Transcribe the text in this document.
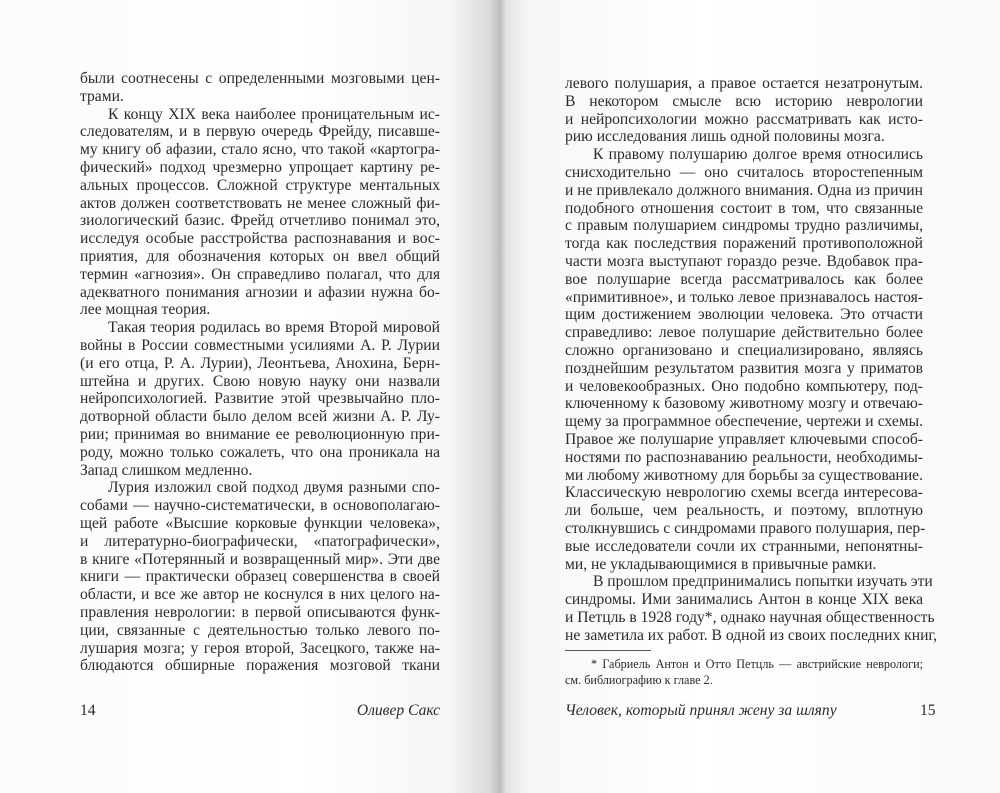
были соотнесены с определенными мозговыми цен-
трами.
К концу XIX века наиболее проницательным ис-
следователям, и в первую очередь Фрейду, писавше-
му книгу об афазии, стало ясно, что такой «картогра-
фический» подход чрезмерно упрощает картину ре-
альных процессов. Сложной структуре ментальных
актов должен соответствовать не менее сложный фи-
зиологический базис. Фрейд отчетливо понимал это,
исследуя особые расстройства распознавания и вос-
приятия, для обозначения которых он ввел общий
термин «агнозия». Он справедливо полагал, что для
адекватного понимания агнозии и афазии нужна бо-
лее мощная теория.
Такая теория родилась во время Второй мировой
войны в России совместными усилиями А. Р. Лурии
(и его отца, Р. А. Лурии), Леонтьева, Анохина, Берн-
штейна и других. Свою новую науку они назвали
нейропсихологией. Развитие этой чрезвычайно пло-
дотворной области было делом всей жизни А. Р. Лу-
рии; принимая во внимание ее революционную при-
роду, можно только сожалеть, что она проникала на
Запад слишком медленно.
Лурия изложил свой подход двумя разными спо-
собами — научно-систематически, в основополагаю-
щей работе «Высшие корковые функции человека»,
и литературно-биографически, «патографически»,
в книге «Потерянный и возвращенный мир». Эти две
книги — практически образец совершенства в своей
области, и все же автор не коснулся в них целого на-
правления неврологии: в первой описываются функ-
ции, связанные с деятельностью только левого по-
лушария мозга; у героя второй, Засецкого, также на-
блюдаются обширные поражения мозговой ткани
14	Оливер Сакс
левого полушария, а правое остается незатронутым.
В некотором смысле всю историю неврологии
и нейропсихологии можно рассматривать как исто-
рию исследования лишь одной половины мозга.
К правому полушарию долгое время относились
снисходительно — оно считалось второстепенным
и не привлекало должного внимания. Одна из причин
подобного отношения состоит в том, что связанные
с правым полушарием синдромы трудно различимы,
тогда как последствия поражений противоположной
части мозга выступают гораздо резче. Вдобавок пра-
вое полушарие всегда рассматривалось как более
«примитивное», и только левое признавалось настоя-
щим достижением эволюции человека. Это отчасти
справедливо: левое полушарие действительно более
сложно организовано и специализировано, являясь
позднейшим результатом развития мозга у приматов
и человекообразных. Оно подобно компьютеру, под-
ключенному к базовому животному мозгу и отвечаю-
щему за программное обеспечение, чертежи и схемы.
Правое же полушарие управляет ключевыми способ-
ностями по распознаванию реальности, необходимы-
ми любому животному для борьбы за существование.
Классическую неврологию схемы всегда интересова-
ли больше, чем реальность, и поэтому, вплотную
столкнувшись с синдромами правого полушария, пер-
вые исследователи сочли их странными, непонятны-
ми, не укладывающимися в привычные рамки.
В прошлом предпринимались попытки изучать эти
синдромы. Ими занимались Антон в конце XIX века
и Петцль в 1928 году*, однако научная общественность
не заметила их работ. В одной из своих последних книг,
* Габриель Антон и Отто Петцль — австрийские неврологи;
см. библиографию к главе 2.
Человек, который принял жену за шляпу	15
